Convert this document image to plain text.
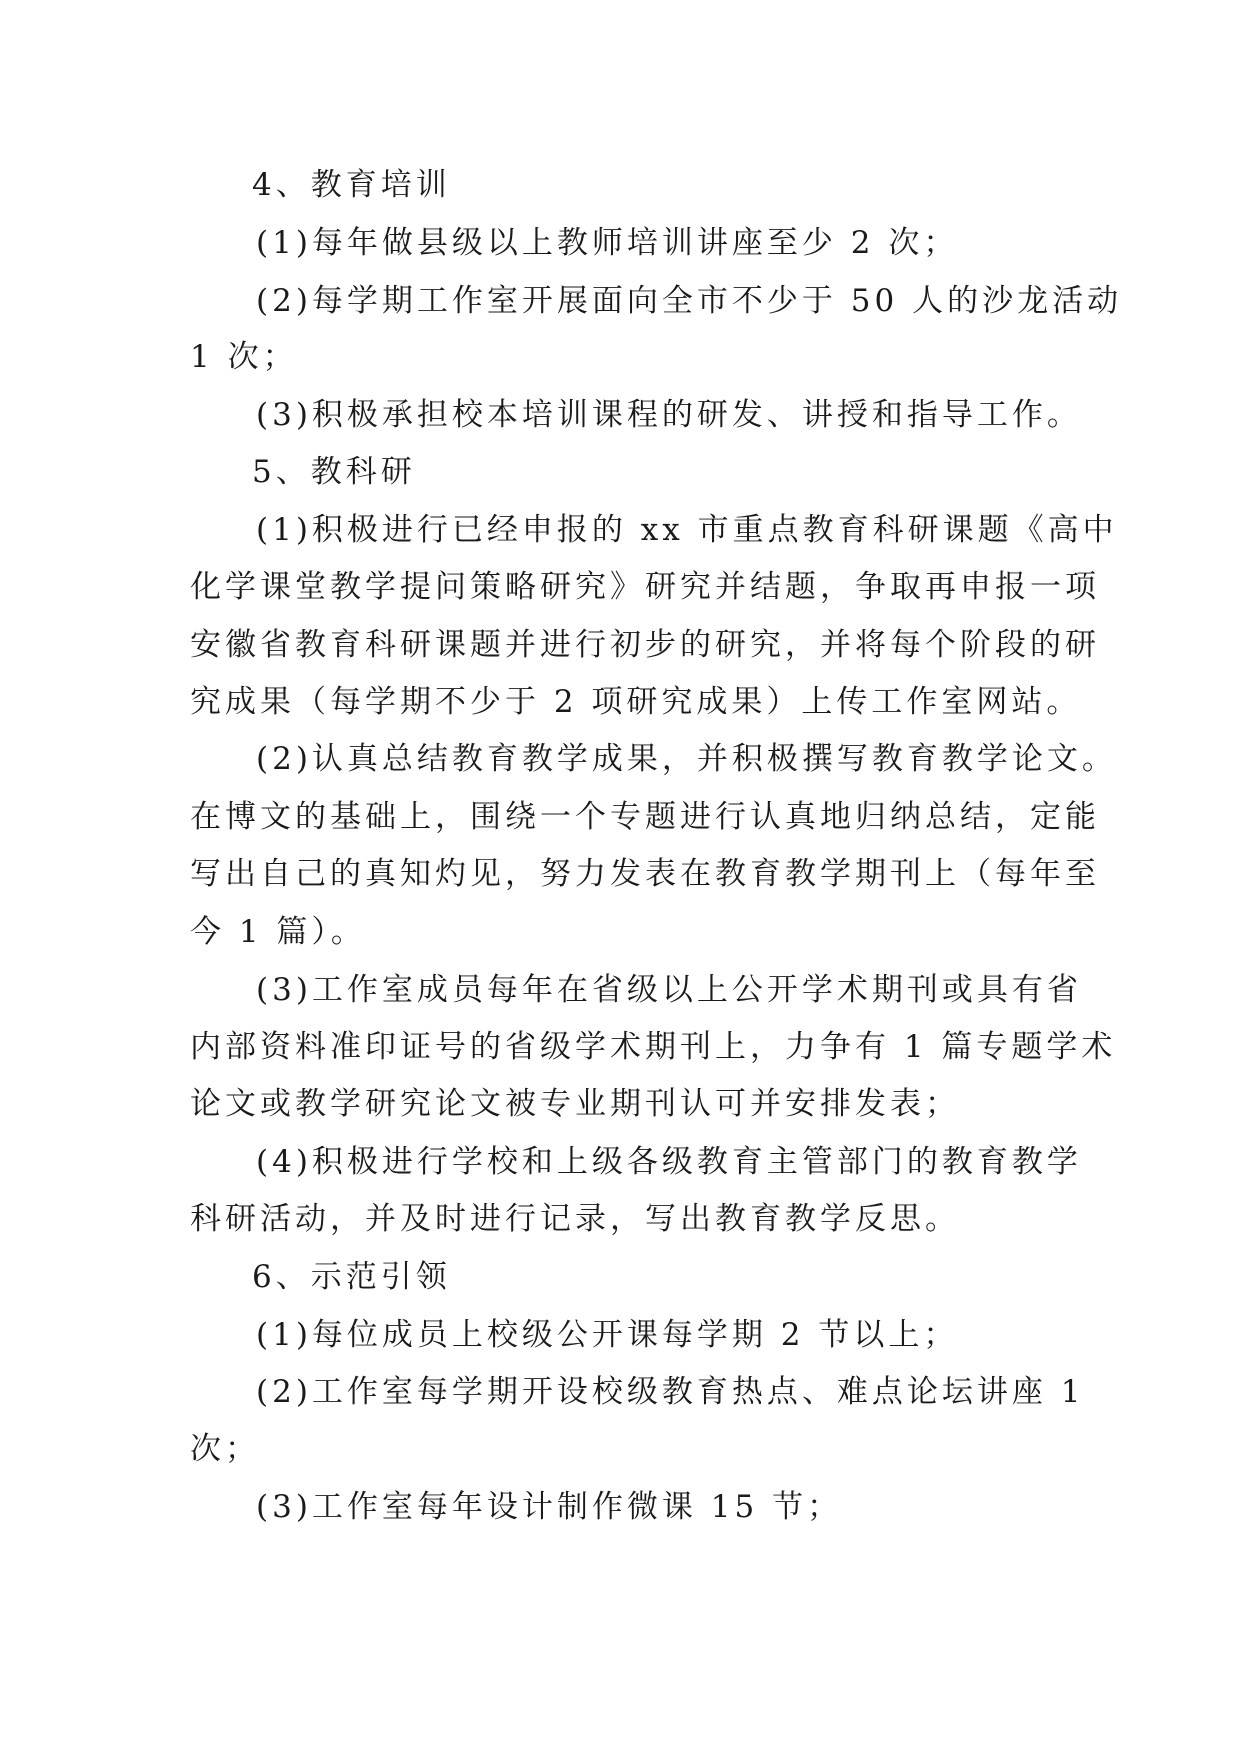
4、教育培训
(1)每年做县级以上教师培训讲座至少 2 次；
(2)每学期工作室开展面向全市不少于 50 人的沙龙活动
1 次；
(3)积极承担校本培训课程的研发、讲授和指导工作。
5、教科研
(1)积极进行已经申报的 xx 市重点教育科研课题《高中
化学课堂教学提问策略研究》研究并结题，争取再申报一项
安徽省教育科研课题并进行初步的研究，并将每个阶段的研
究成果（每学期不少于 2 项研究成果）上传工作室网站。
(2)认真总结教育教学成果，并积极撰写教育教学论文。
在博文的基础上，围绕一个专题进行认真地归纳总结，定能
写出自己的真知灼见，努力发表在教育教学期刊上（每年至
今 1 篇）。
(3)工作室成员每年在省级以上公开学术期刊或具有省
内部资料准印证号的省级学术期刊上，力争有 1 篇专题学术
论文或教学研究论文被专业期刊认可并安排发表；
(4)积极进行学校和上级各级教育主管部门的教育教学
科研活动，并及时进行记录，写出教育教学反思。
6、示范引领
(1)每位成员上校级公开课每学期 2 节以上；
(2)工作室每学期开设校级教育热点、难点论坛讲座 1
次；
(3)工作室每年设计制作微课 15 节；
